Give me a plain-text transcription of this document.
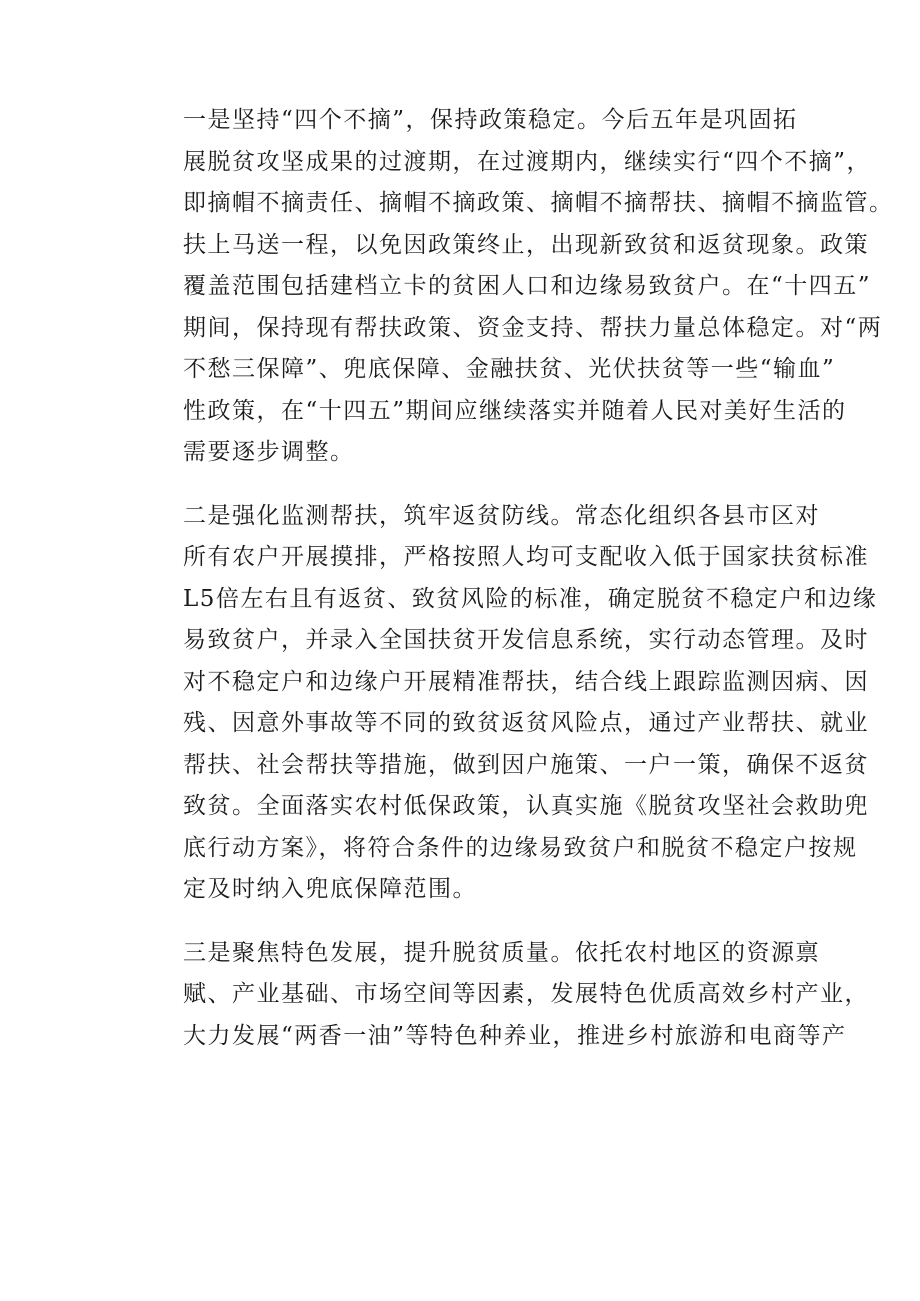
一是坚持“四个不摘”，保持政策稳定。今后五年是巩固拓
展脱贫攻坚成果的过渡期，在过渡期内，继续实行“四个不摘”，
即摘帽不摘责任、摘帽不摘政策、摘帽不摘帮扶、摘帽不摘监管。
扶上马送一程，以免因政策终止，出现新致贫和返贫现象。政策
覆盖范围包括建档立卡的贫困人口和边缘易致贫户。在“十四五”
期间，保持现有帮扶政策、资金支持、帮扶力量总体稳定。对“两
不愁三保障”、兜底保障、金融扶贫、光伏扶贫等一些“输血”
性政策，在“十四五”期间应继续落实并随着人民对美好生活的
需要逐步调整。
二是强化监测帮扶，筑牢返贫防线。常态化组织各县市区对
所有农户开展摸排，严格按照人均可支配收入低于国家扶贫标准
L5倍左右且有返贫、致贫风险的标准，确定脱贫不稳定户和边缘
易致贫户，并录入全国扶贫开发信息系统，实行动态管理。及时
对不稳定户和边缘户开展精准帮扶，结合线上跟踪监测因病、因
残、因意外事故等不同的致贫返贫风险点，通过产业帮扶、就业
帮扶、社会帮扶等措施，做到因户施策、一户一策，确保不返贫
致贫。全面落实农村低保政策，认真实施《脱贫攻坚社会救助兜
底行动方案》，将符合条件的边缘易致贫户和脱贫不稳定户按规
定及时纳入兜底保障范围。
三是聚焦特色发展，提升脱贫质量。依托农村地区的资源禀
赋、产业基础、市场空间等因素，发展特色优质高效乡村产业，
大力发展“两香一油”等特色种养业，推进乡村旅游和电商等产
